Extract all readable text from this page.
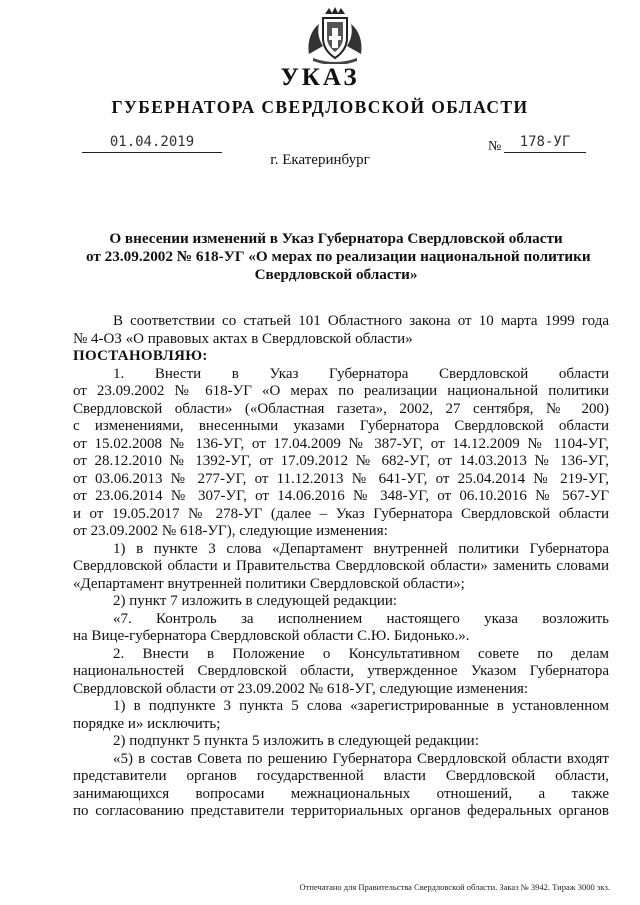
УКАЗ
ГУБЕРНАТОРА СВЕРДЛОВСКОЙ ОБЛАСТИ
01.04.2019	№	178-УГ
г. Екатеринбург
О внесении изменений в Указ Губернатора Свердловской области
от 23.09.2002 № 618-УГ «О мерах по реализации национальной политики
Свердловской области»

В соответствии со статьей 101 Областного закона от 10 марта 1999 года

№ 4-ОЗ «О правовых актах в Свердловской области»

ПОСТАНОВЛЯЮ:

1. Внести в Указ Губернатора Свердловской области

от 23.09.2002 № 618-УГ «О мерах по реализации национальной политики

Свердловской области» («Областная газета», 2002, 27 сентября, № 200)

с изменениями, внесенными указами Губернатора Свердловской области

от 15.02.2008 № 136-УГ, от 17.04.2009 № 387-УГ, от 14.12.2009 № 1104-УГ,

от 28.12.2010 № 1392-УГ, от 17.09.2012 № 682-УГ, от 14.03.2013 № 136-УГ,

от 03.06.2013 № 277-УГ, от 11.12.2013 № 641-УГ, от 25.04.2014 № 219-УГ,

от 23.06.2014 № 307-УГ, от 14.06.2016 № 348-УГ, от 06.10.2016 № 567-УГ

и от 19.05.2017 № 278-УГ (далее – Указ Губернатора Свердловской области

от 23.09.2002 № 618-УГ), следующие изменения:

1) в пункте 3 слова «Департамент внутренней политики Губернатора

Свердловской области и Правительства Свердловской области» заменить словами

«Департамент внутренней политики Свердловской области»;

2) пункт 7 изложить в следующей редакции:

«7. Контроль за исполнением настоящего указа возложить

на Вице-губернатора Свердловской области С.Ю. Бидонько.».

2. Внести в Положение о Консультативном совете по делам

национальностей Свердловской области, утвержденное Указом Губернатора

Свердловской области от 23.09.2002 № 618-УГ, следующие изменения:

1) в подпункте 3 пункта 5 слова «зарегистрированные в установленном

порядке и» исключить;

2) подпункт 5 пункта 5 изложить в следующей редакции:

«5) в состав Совета по решению Губернатора Свердловской области входят

представители органов государственной власти Свердловской области,

занимающихся вопросами межнациональных отношений, а также

по согласованию представители территориальных органов федеральных органов

Отпечатано для Правительства Свердловской области. Заказ № 3942. Тираж 3000 экз.
